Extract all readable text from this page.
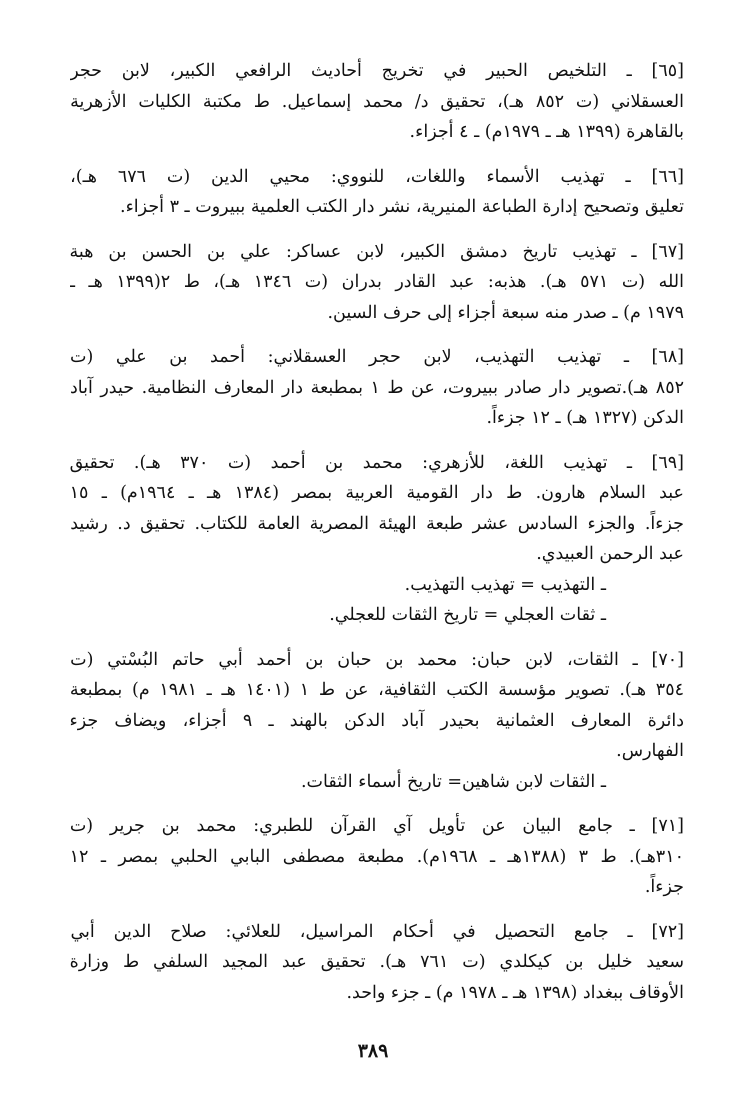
[٦٥] ـ التلخيص الحبير في تخريج أحاديث الرافعي الكبير، لابن حجر
العسقلاني (ت ٨٥٢ هـ)، تحقيق د/ محمد إسماعيل. ط مكتبة الكليات الأزهرية
بالقاهرة (١٣٩٩ هـ ـ ١٩٧٩م) ـ ٤ أجزاء.
[٦٦] ـ تهذيب الأسماء واللغات، للنووي: محيي الدين (ت ٦٧٦ هـ)،
تعليق وتصحيح إدارة الطباعة المنيرية، نشر دار الكتب العلمية ببيروت ـ ٣ أجزاء.
[٦٧] ـ تهذيب تاريخ دمشق الكبير، لابن عساكر: علي بن الحسن بن هبة
الله (ت ٥٧١ هـ). هذبه: عبد القادر بدران (ت ١٣٤٦ هـ)، ط ٢(١٣٩٩ هـ ـ
١٩٧٩ م) ـ صدر منه سبعة أجزاء إلى حرف السين.
[٦٨] ـ تهذيب التهذيب، لابن حجر العسقلاني: أحمد بن علي (ت
٨٥٢ هـ).تصوير دار صادر ببيروت، عن ط ١ بمطبعة دار المعارف النظامية. حيدر آباد
الدكن (١٣٢٧ هـ) ـ ١٢ جزءاً.
[٦٩] ـ تهذيب اللغة، للأزهري: محمد بن أحمد (ت ٣٧٠ هـ). تحقيق
عبد السلام هارون. ط دار القومية العربية بمصر (١٣٨٤ هـ ـ ١٩٦٤م) ـ ١٥
جزءاً. والجزء السادس عشر طبعة الهيئة المصرية العامة للكتاب. تحقيق د. رشيد
عبد الرحمن العبيدي.
ـ التهذيب = تهذيب التهذيب.
ـ ثقات العجلي = تاريخ الثقات للعجلي.
[٧٠] ـ الثقات، لابن حبان: محمد بن حبان بن أحمد أبي حاتم البُسْتي (ت
٣٥٤ هـ). تصوير مؤسسة الكتب الثقافية، عن ط ١ (١٤٠١ هـ ـ ١٩٨١ م) بمطبعة
دائرة المعارف العثمانية بحيدر آباد الدكن بالهند ـ ٩ أجزاء، ويضاف جزء
الفهارس.
ـ الثقات لابن شاهين= تاريخ أسماء الثقات.
[٧١] ـ جامع البيان عن تأويل آي القرآن للطبري: محمد بن جرير (ت
٣١٠هـ). ط ٣ (١٣٨٨هـ ـ ١٩٦٨م). مطبعة مصطفى البابي الحلبي بمصر ـ ١٢
جزءاً.
[٧٢] ـ جامع التحصيل في أحكام المراسيل، للعلائي: صلاح الدين أبي
سعيد خليل بن كيكلدي (ت ٧٦١ هـ). تحقيق عبد المجيد السلفي ط وزارة
الأوقاف ببغداد (١٣٩٨ هـ ـ ١٩٧٨ م) ـ جزء واحد.
٣٨٩
